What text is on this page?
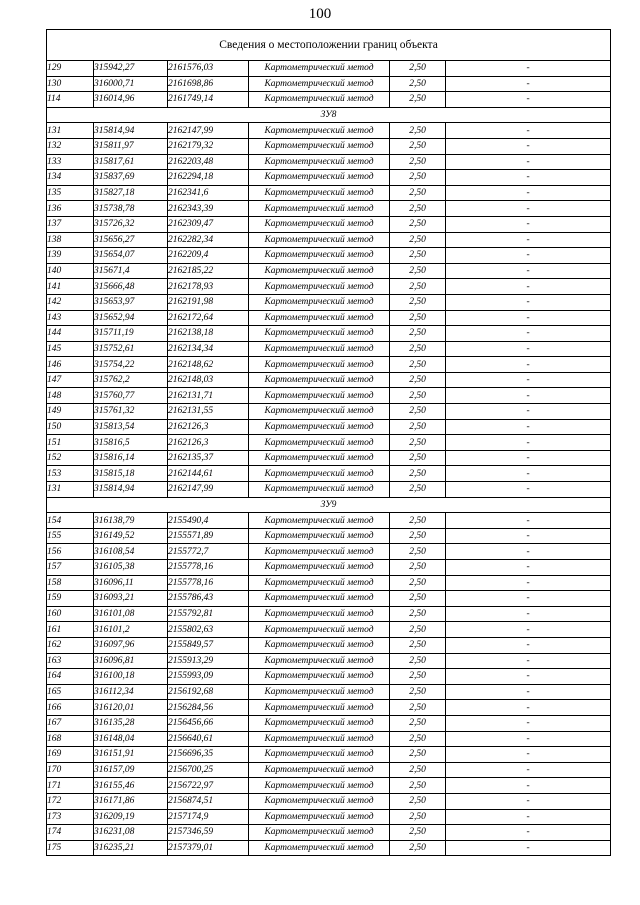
100
Сведения о местоположении границ объекта					
129	315942,27	2161576,03	Картометрический метод	2,50	-
130	316000,71	2161698,86	Картометрический метод	2,50	-
114	316014,96	2161749,14	Картометрический метод	2,50	-
ЗУ8					
131	315814,94	2162147,99	Картометрический метод	2,50	-
132	315811,97	2162179,32	Картометрический метод	2,50	-
133	315817,61	2162203,48	Картометрический метод	2,50	-
134	315837,69	2162294,18	Картометрический метод	2,50	-
135	315827,18	2162341,6	Картометрический метод	2,50	-
136	315738,78	2162343,39	Картометрический метод	2,50	-
137	315726,32	2162309,47	Картометрический метод	2,50	-
138	315656,27	2162282,34	Картометрический метод	2,50	-
139	315654,07	2162209,4	Картометрический метод	2,50	-
140	315671,4	2162185,22	Картометрический метод	2,50	-
141	315666,48	2162178,93	Картометрический метод	2,50	-
142	315653,97	2162191,98	Картометрический метод	2,50	-
143	315652,94	2162172,64	Картометрический метод	2,50	-
144	315711,19	2162138,18	Картометрический метод	2,50	-
145	315752,61	2162134,34	Картометрический метод	2,50	-
146	315754,22	2162148,62	Картометрический метод	2,50	-
147	315762,2	2162148,03	Картометрический метод	2,50	-
148	315760,77	2162131,71	Картометрический метод	2,50	-
149	315761,32	2162131,55	Картометрический метод	2,50	-
150	315813,54	2162126,3	Картометрический метод	2,50	-
151	315816,5	2162126,3	Картометрический метод	2,50	-
152	315816,14	2162135,37	Картометрический метод	2,50	-
153	315815,18	2162144,61	Картометрический метод	2,50	-
131	315814,94	2162147,99	Картометрический метод	2,50	-
ЗУ9					
154	316138,79	2155490,4	Картометрический метод	2,50	-
155	316149,52	2155571,89	Картометрический метод	2,50	-
156	316108,54	2155772,7	Картометрический метод	2,50	-
157	316105,38	2155778,16	Картометрический метод	2,50	-
158	316096,11	2155778,16	Картометрический метод	2,50	-
159	316093,21	2155786,43	Картометрический метод	2,50	-
160	316101,08	2155792,81	Картометрический метод	2,50	-
161	316101,2	2155802,63	Картометрический метод	2,50	-
162	316097,96	2155849,57	Картометрический метод	2,50	-
163	316096,81	2155913,29	Картометрический метод	2,50	-
164	316100,18	2155993,09	Картометрический метод	2,50	-
165	316112,34	2156192,68	Картометрический метод	2,50	-
166	316120,01	2156284,56	Картометрический метод	2,50	-
167	316135,28	2156456,66	Картометрический метод	2,50	-
168	316148,04	2156640,61	Картометрический метод	2,50	-
169	316151,91	2156696,35	Картометрический метод	2,50	-
170	316157,09	2156700,25	Картометрический метод	2,50	-
171	316155,46	2156722,97	Картометрический метод	2,50	-
172	316171,86	2156874,51	Картометрический метод	2,50	-
173	316209,19	2157174,9	Картометрический метод	2,50	-
174	316231,08	2157346,59	Картометрический метод	2,50	-
175	316235,21	2157379,01	Картометрический метод	2,50	-
